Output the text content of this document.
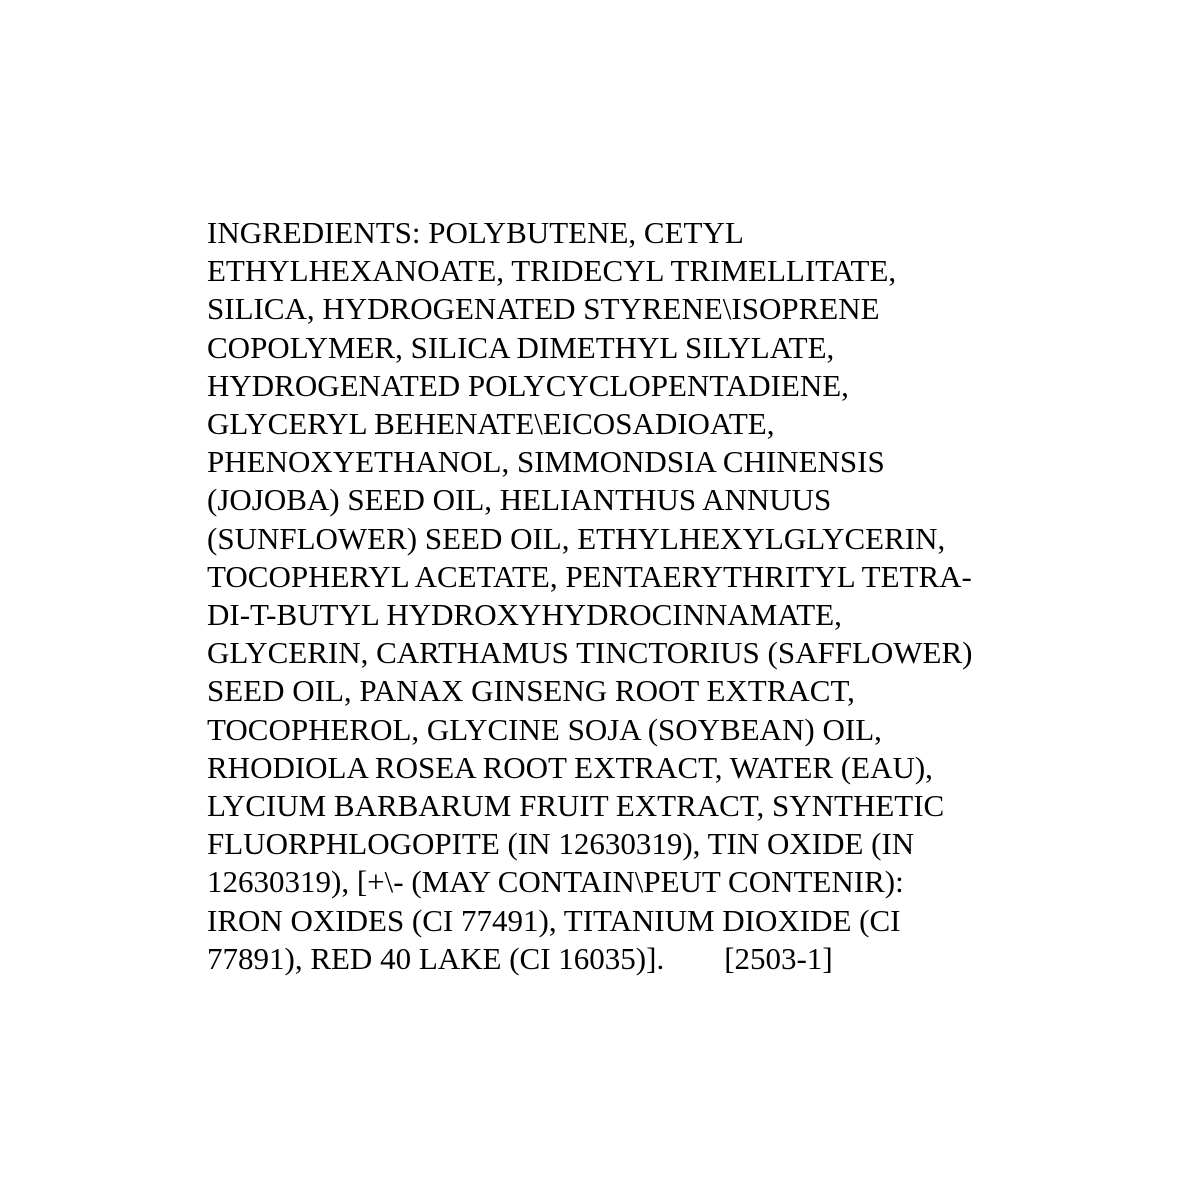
INGREDIENTS: POLYBUTENE, CETYL
ETHYLHEXANOATE, TRIDECYL TRIMELLITATE,
SILICA, HYDROGENATED STYRENE\ISOPRENE
COPOLYMER, SILICA DIMETHYL SILYLATE,
HYDROGENATED POLYCYCLOPENTADIENE,
GLYCERYL BEHENATE\EICOSADIOATE,
PHENOXYETHANOL, SIMMONDSIA CHINENSIS
(JOJOBA) SEED OIL, HELIANTHUS ANNUUS
(SUNFLOWER) SEED OIL, ETHYLHEXYLGLYCERIN,
TOCOPHERYL ACETATE, PENTAERYTHRITYL TETRA-
DI-T-BUTYL HYDROXYHYDROCINNAMATE,
GLYCERIN, CARTHAMUS TINCTORIUS (SAFFLOWER)
SEED OIL, PANAX GINSENG ROOT EXTRACT,
TOCOPHEROL, GLYCINE SOJA (SOYBEAN) OIL,
RHODIOLA ROSEA ROOT EXTRACT, WATER (EAU),
LYCIUM BARBARUM FRUIT EXTRACT, SYNTHETIC
FLUORPHLOGOPITE (IN 12630319), TIN OXIDE (IN
12630319), [+\- (MAY CONTAIN\PEUT CONTENIR):
IRON OXIDES (CI 77491), TITANIUM DIOXIDE (CI
77891), RED 40 LAKE (CI 16035)]. [2503-1]
